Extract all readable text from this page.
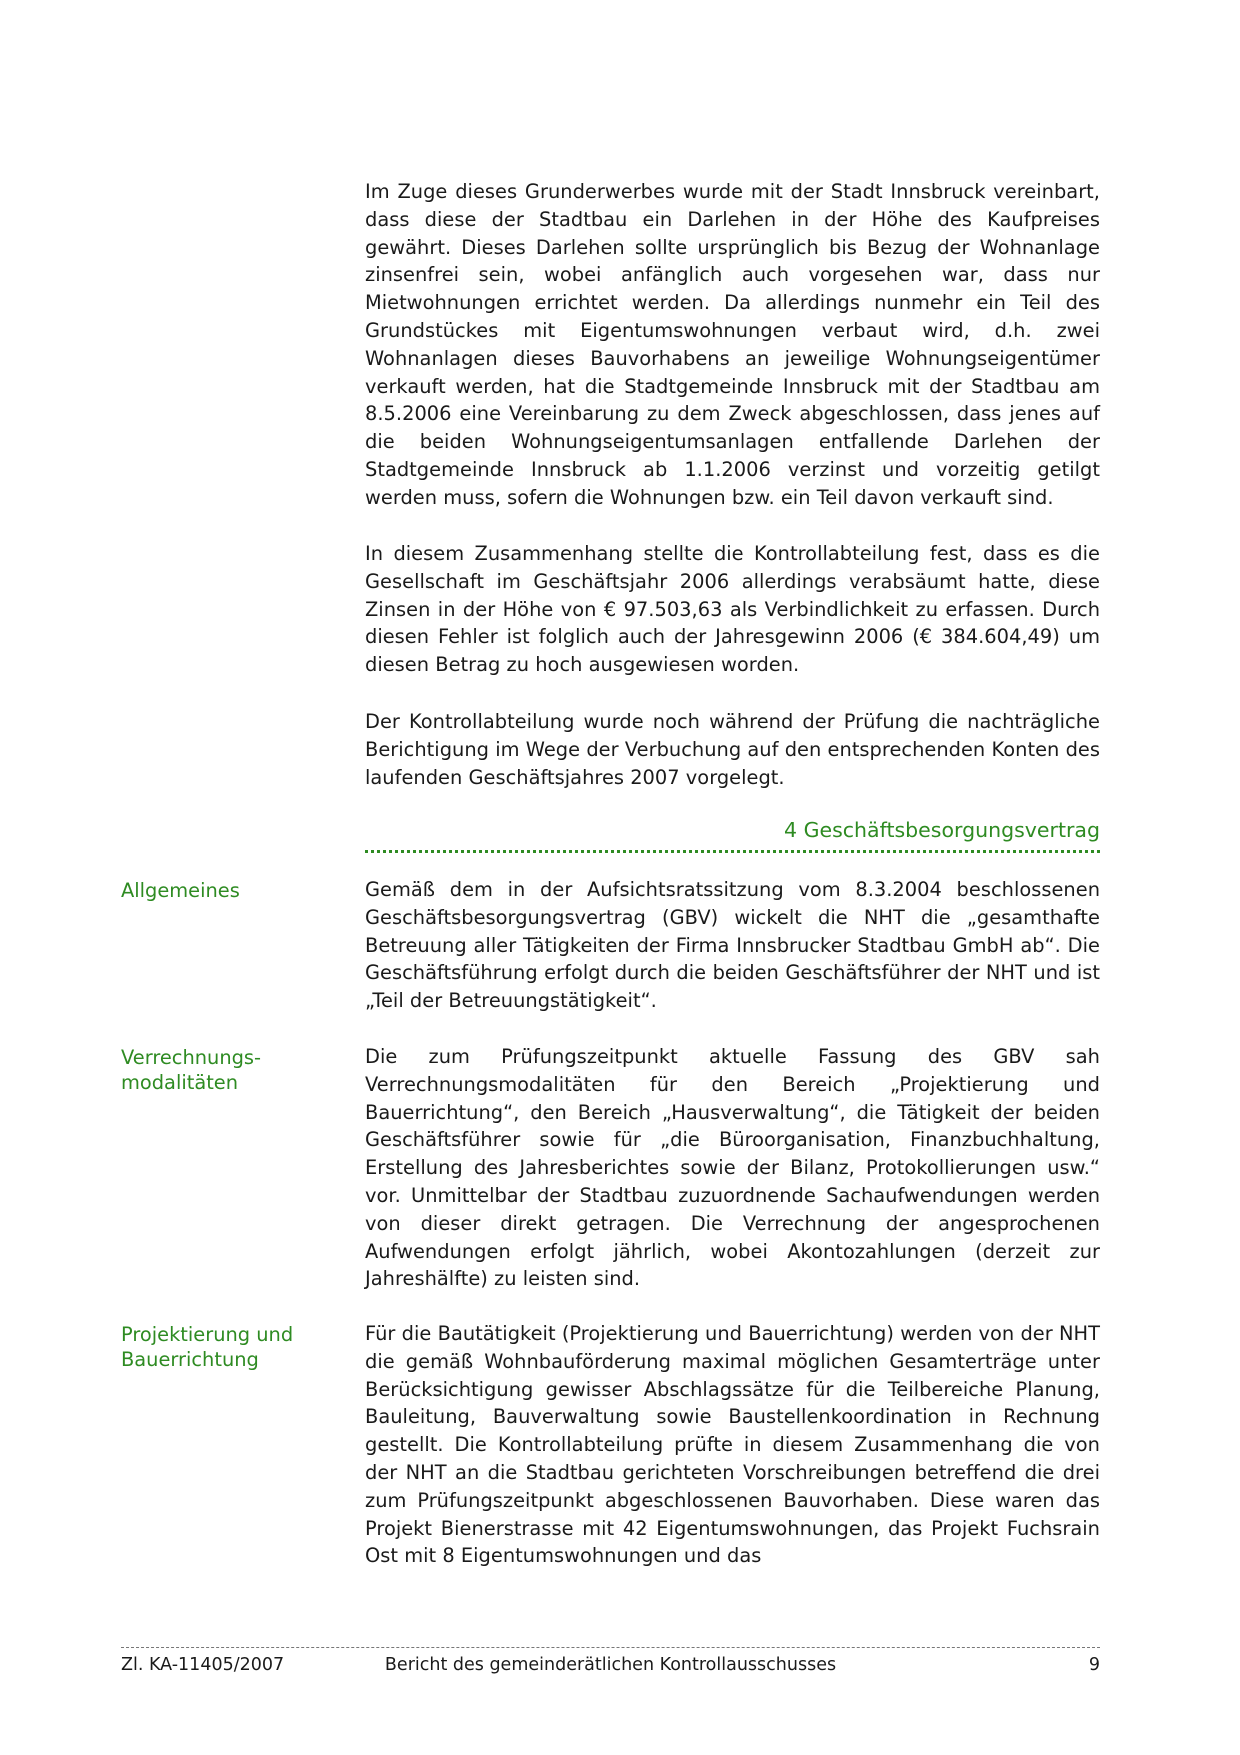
Im Zuge dieses Grunderwerbes wurde mit der Stadt Innsbruck vereinbart, dass diese der Stadtbau ein Darlehen in der Höhe des Kaufpreises gewährt. Dieses Darlehen sollte ursprünglich bis Bezug der Wohnanlage zinsenfrei sein, wobei anfänglich auch vorgesehen war, dass nur Mietwohnungen errichtet werden. Da allerdings nunmehr ein Teil des Grundstückes mit Eigentumswohnungen verbaut wird, d.h. zwei Wohnanlagen dieses Bauvorhabens an jeweilige Wohnungseigentümer verkauft werden, hat die Stadtgemeinde Innsbruck mit der Stadtbau am 8.5.2006 eine Vereinbarung zu dem Zweck abgeschlossen, dass jenes auf die beiden Wohnungseigentumsanlagen entfallende Darlehen der Stadtgemeinde Innsbruck ab 1.1.2006 verzinst und vorzeitig getilgt werden muss, sofern die Wohnungen bzw. ein Teil davon verkauft sind.

In diesem Zusammenhang stellte die Kontrollabteilung fest, dass es die Gesellschaft im Geschäftsjahr 2006 allerdings verabsäumt hatte, diese Zinsen in der Höhe von € 97.503,63 als Verbindlichkeit zu erfassen. Durch diesen Fehler ist folglich auch der Jahresgewinn 2006 (€ 384.604,49) um diesen Betrag zu hoch ausgewiesen worden.

Der Kontrollabteilung wurde noch während der Prüfung die nachträgliche Berichtigung im Wege der Verbuchung auf den entsprechenden Konten des laufenden Geschäftsjahres 2007 vorgelegt.

4 Geschäftsbesorgungsvertrag
Allgemeines	Gemäß dem in der Aufsichtsratssitzung vom 8.3.2004 beschlossenen Geschäftsbesorgungsvertrag (GBV) wickelt die NHT die „gesamthafte Betreuung aller Tätigkeiten der Firma Innsbrucker Stadtbau GmbH ab“. Die Geschäftsführung erfolgt durch die beiden Geschäftsführer der NHT und ist „Teil der Betreuungstätigkeit“.

Verrechnungs-
modalitäten

Die zum Prüfungszeitpunkt aktuelle Fassung des GBV sah Verrechnungsmodalitäten für den Bereich „Projektierung und Bauerrichtung“, den Bereich „Hausverwaltung“, die Tätigkeit der beiden Geschäftsführer sowie für „die Büroorganisation, Finanzbuchhaltung, Erstellung des Jahresberichtes sowie der Bilanz, Protokollierungen usw.“ vor. Unmittelbar der Stadtbau zuzuordnende Sachaufwendungen werden von dieser direkt getragen. Die Verrechnung der angesprochenen Aufwendungen erfolgt jährlich, wobei Akontozahlungen (derzeit zur Jahreshälfte) zu leisten sind.

Projektierung und Bauerrichtung

Für die Bautätigkeit (Projektierung und Bauerrichtung) werden von der NHT die gemäß Wohnbauförderung maximal möglichen Gesamterträge unter Berücksichtigung gewisser Abschlagssätze für die Teilbereiche Planung, Bauleitung, Bauverwaltung sowie Baustellenkoordination in Rechnung gestellt. Die Kontrollabteilung prüfte in diesem Zusammenhang die von der NHT an die Stadtbau gerichteten Vorschreibungen betreffend die drei zum Prüfungszeitpunkt abgeschlossenen Bauvorhaben. Diese waren das Projekt Bienerstrasse mit 42 Eigentumswohnungen, das Projekt Fuchsrain Ost mit 8 Eigentumswohnungen und das

Zl. KA-11405/2007	Bericht des gemeinderätlichen Kontrollausschusses	9
